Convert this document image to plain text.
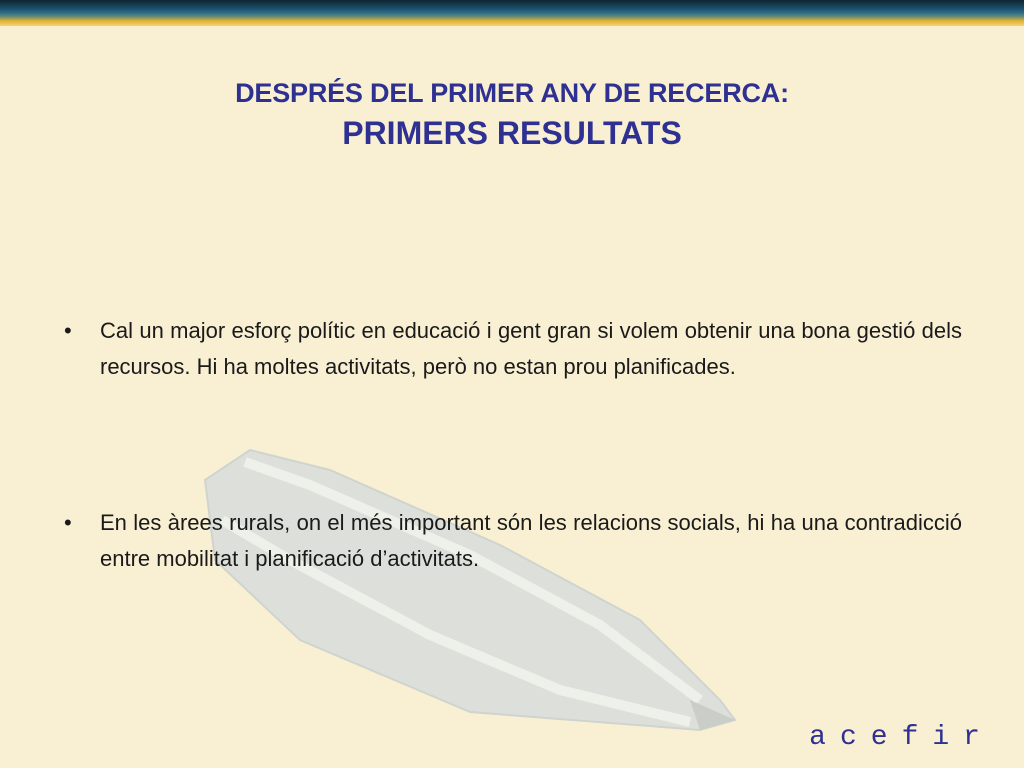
DESPRÉS DEL PRIMER ANY DE RECERCA:
PRIMERS RESULTATS
• Cal un major esforç polític en educació i gent gran si volem obtenir una bona gestió dels recursos. Hi ha moltes activitats, però no estan prou planificades.
• En les àrees rurals, on el més important són les relacions socials, hi ha una contradicció entre mobilitat i planificació d’activitats.
acefir
